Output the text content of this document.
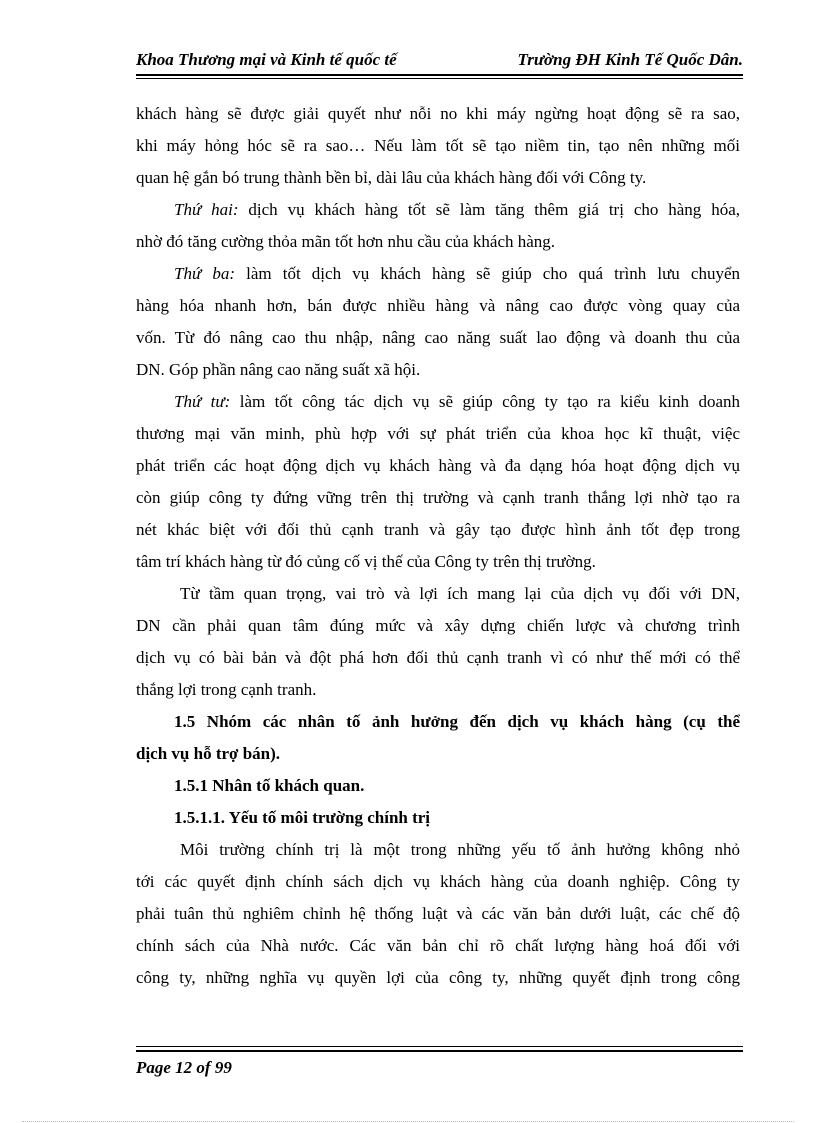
Khoa Thương mại và Kinh tế quốc tế	Trường ĐH Kinh Tế Quốc Dân.
khách hàng sẽ được giải quyết như nỗi no khi máy ngừng hoạt động sẽ ra sao,
khi máy hỏng hóc sẽ ra sao… Nếu làm tốt sẽ tạo niềm tin, tạo nên những mối
quan hệ gắn bó trung thành bền bỉ, dài lâu của khách hàng đối với Công ty.
Thứ hai: dịch vụ khách hàng tốt sẽ làm tăng thêm giá trị cho hàng hóa,
nhờ đó tăng cường thỏa mãn tốt hơn nhu cầu của khách hàng.
Thứ ba: làm tốt dịch vụ khách hàng sẽ giúp cho quá trình lưu chuyển
hàng hóa nhanh hơn, bán được nhiều hàng và nâng cao được vòng quay của
vốn. Từ đó nâng cao thu nhập, nâng cao năng suất lao động và doanh thu của
DN. Góp phần nâng cao năng suất xã hội.
Thứ tư: làm tốt công tác dịch vụ sẽ giúp công ty tạo ra kiểu kinh doanh
thương mại văn minh, phù hợp với sự phát triển của khoa học kĩ thuật, việc
phát triển các hoạt động dịch vụ khách hàng và đa dạng hóa hoạt động dịch vụ
còn giúp công ty đứng vững trên thị trường và cạnh tranh thắng lợi nhờ tạo ra
nét khác biệt với đối thủ cạnh tranh và gây tạo được hình ảnh tốt đẹp trong
tâm trí khách hàng từ đó củng cố vị thế của Công ty trên thị trường.
Từ tầm quan trọng, vai trò và lợi ích mang lại của dịch vụ đối với DN,
DN cần phải quan tâm đúng mức và xây dựng chiến lược và chương trình
dịch vụ có bài bản và đột phá hơn đối thủ cạnh tranh vì có như thế mới có thể
thắng lợi trong cạnh tranh.
1.5 Nhóm các nhân tố ảnh hưởng đến dịch vụ khách hàng (cụ thể
dịch vụ hỗ trợ bán).
1.5.1 Nhân tố khách quan.
1.5.1.1. Yếu tố môi trường chính trị
Môi trường chính trị là một trong những yếu tố ảnh hưởng không nhỏ
tới các quyết định chính sách dịch vụ khách hàng của doanh nghiệp. Công ty
phải tuân thủ nghiêm chỉnh hệ thống luật và các văn bản dưới luật, các chế độ
chính sách của Nhà nước. Các văn bản chỉ rõ chất lượng hàng hoá đối với
công ty, những nghĩa vụ quyền lợi của công ty, những quyết định trong công
Page 12 of 99
